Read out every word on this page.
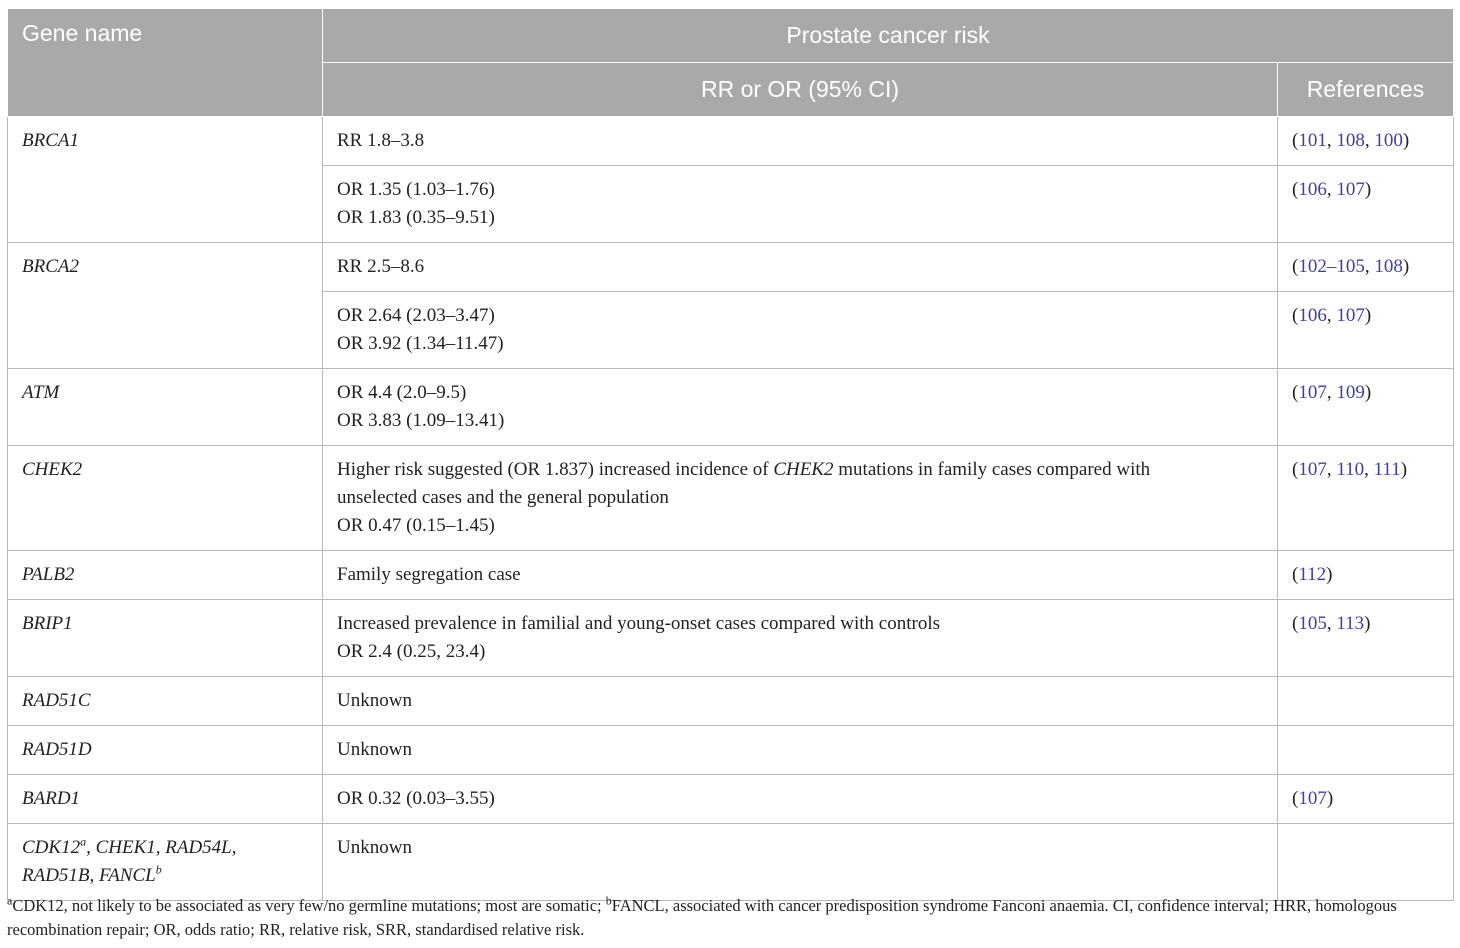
Gene name	Prostate cancer risk	
	RR or OR (95% CI)	References
BRCA1	RR 1.8–3.8	(101, 108, 100)

	OR 1.35 (1.03–1.76)
OR 1.83 (0.35–9.51)	(106, 107)
BRCA2	RR 2.5–8.6	(102–105, 108)

	OR 2.64 (2.03–3.47)
OR 3.92 (1.34–11.47)	(106, 107)
ATM	OR 4.4 (2.0–9.5)
OR 3.83 (1.09–13.41)	(107, 109)
CHEK2	Higher risk suggested (OR 1.837) increased incidence of CHEK2 mutations in family cases compared with
unselected cases and the general population
OR 0.47 (0.15–1.45)	(107, 110, 111)
PALB2	Family segregation case	(112)
BRIP1	Increased prevalence in familial and young-onset cases compared with controls
OR 2.4 (0.25, 23.4)	(105, 113)
RAD51C	Unknown	

RAD51D	Unknown	

BARD1	OR 0.32 (0.03–3.55)	(107)
CDK12$^a$, CHEK1, RAD54L,
RAD51B, FANCL$^b$	Unknown	

$^a$CDK12, not likely to be associated as very few/no germline mutations; most are somatic; $^b$FANCL, associated with cancer predisposition syndrome Fanconi anaemia. CI, confidence interval; HRR, homologous recombination repair; OR, odds ratio; RR, relative risk, SRR, standardised relative risk.
